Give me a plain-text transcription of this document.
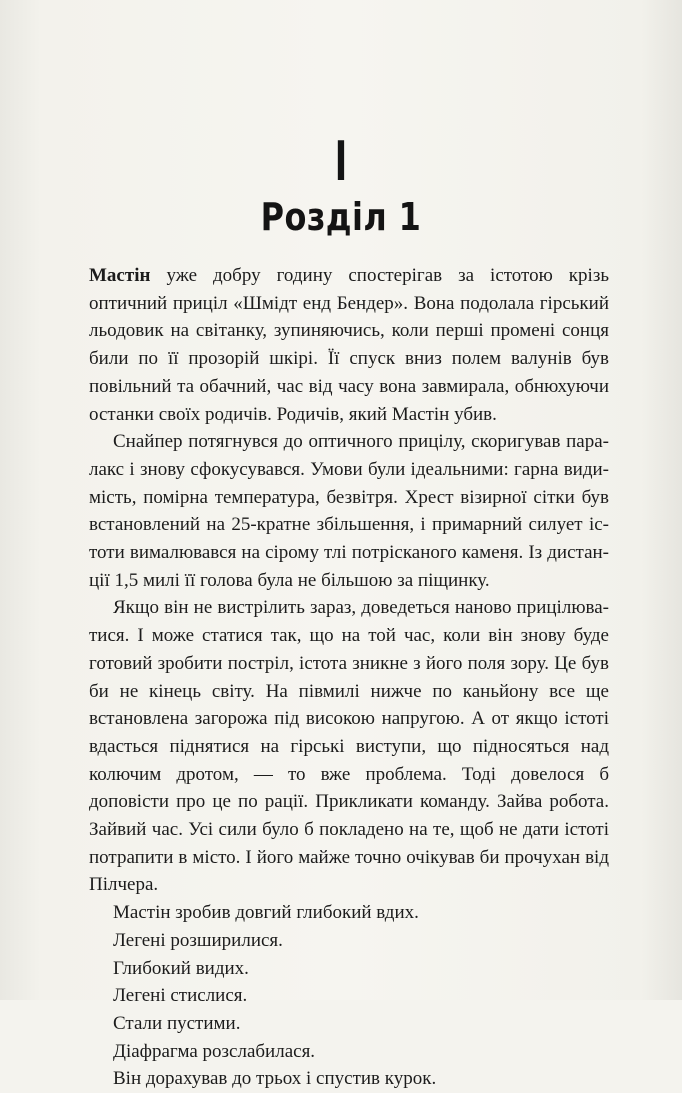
I
Розділ 1

Мастін уже добру годину спостерігав за істотою крізь оптичний приціл «Шмідт енд Бендер». Вона подолала гірський льодовик на світанку, зупиняючись, коли перші промені сонця били по її прозорій шкірі. Її спуск вниз полем валунів був повільний та обачний, час від часу вона завмирала, обнюхуючи останки своїх родичів. Родичів, який Мастін убив.

Снайпер потягнувся до оптичного прицілу, скоригував паралакс і знову сфокусувався. Умови були ідеальними: гарна видимість, помірна температура, безвітря. Хрест візирної сітки був встановлений на 25-кратне збільшення, і примарний силует істоти вималювався на сірому тлі потрісканого каменя. Із дистанції 1,5 милі її голова була не більшою за піщинку.

Якщо він не вистрілить зараз, доведеться наново прицілюватися. І може статися так, що на той час, коли він знову буде готовий зробити постріл, істота зникне з його поля зору. Це був би не кінець світу. На півмилі нижче по каньйону все ще встановлена загорожа під високою напругою. А от якщо істоті вдасться піднятися на гірські виступи, що підносяться над колючим дротом, — то вже проблема. Тоді довелося б доповісти про це по рації. Прикликати команду. Зайва робота. Зайвий час. Усі сили було б покладено на те, щоб не дати істоті потрапити в місто. І його майже точно очікував би прочухан від Пілчера.

Мастін зробив довгий глибокий вдих.

Легені розширилися.

Глибокий видих.

Легені стислися.

Стали пустими.

Діафрагма розслабилася.

Він дорахував до трьох і спустив курок.
